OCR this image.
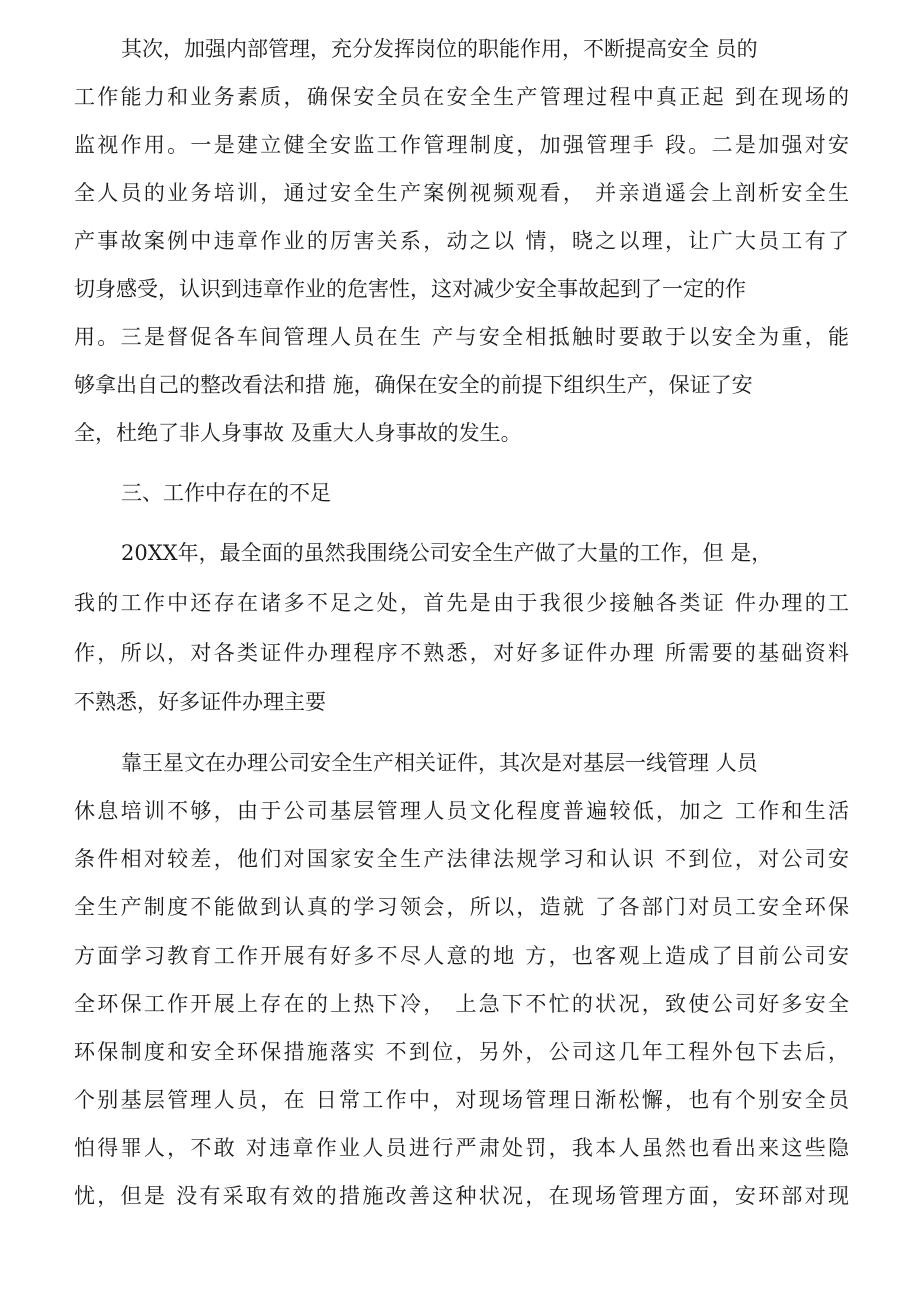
其次，加强内部管理，充分发挥岗位的职能作用，不断提高安全 员的
工作能力和业务素质，确保安全员在安全生产管理过程中真正起 到在现场的
监视作用。一是建立健全安监工作管理制度，加强管理手 段。二是加强对安
全人员的业务培训，通过安全生产案例视频观看， 并亲逍遥会上剖析安全生
产事故案例中违章作业的厉害关系，动之以 情，晓之以理，让广大员工有了
切身感受，认识到违章作业的危害性，这对减少安全事故起到了一定的作
用。三是督促各车间管理人员在生 产与安全相抵触时要敢于以安全为重，能
够拿出自己的整改看法和措 施，确保在安全的前提下组织生产，保证了安
全，杜绝了非人身事故 及重大人身事故的发生。
三、工作中存在的不足
20XX年，最全面的虽然我围绕公司安全生产做了大量的工作，但 是，
我的工作中还存在诸多不足之处，首先是由于我很少接触各类证 件办理的工
作，所以，对各类证件办理程序不熟悉，对好多证件办理 所需要的基础资料
不熟悉，好多证件办理主要
靠王星文在办理公司安全生产相关证件，其次是对基层一线管理 人员
休息培训不够，由于公司基层管理人员文化程度普遍较低，加之 工作和生活
条件相对较差，他们对国家安全生产法律法规学习和认识 不到位，对公司安
全生产制度不能做到认真的学习领会，所以，造就 了各部门对员工安全环保
方面学习教育工作开展有好多不尽人意的地 方，也客观上造成了目前公司安
全环保工作开展上存在的上热下冷， 上急下不忙的状况，致使公司好多安全
环保制度和安全环保措施落实 不到位，另外，公司这几年工程外包下去后，
个别基层管理人员，在 日常工作中，对现场管理日渐松懈，也有个别安全员
怕得罪人，不敢 对违章作业人员进行严肃处罚，我本人虽然也看出来这些隐
忧，但是 没有采取有效的措施改善这种状况，在现场管理方面，安环部对现
